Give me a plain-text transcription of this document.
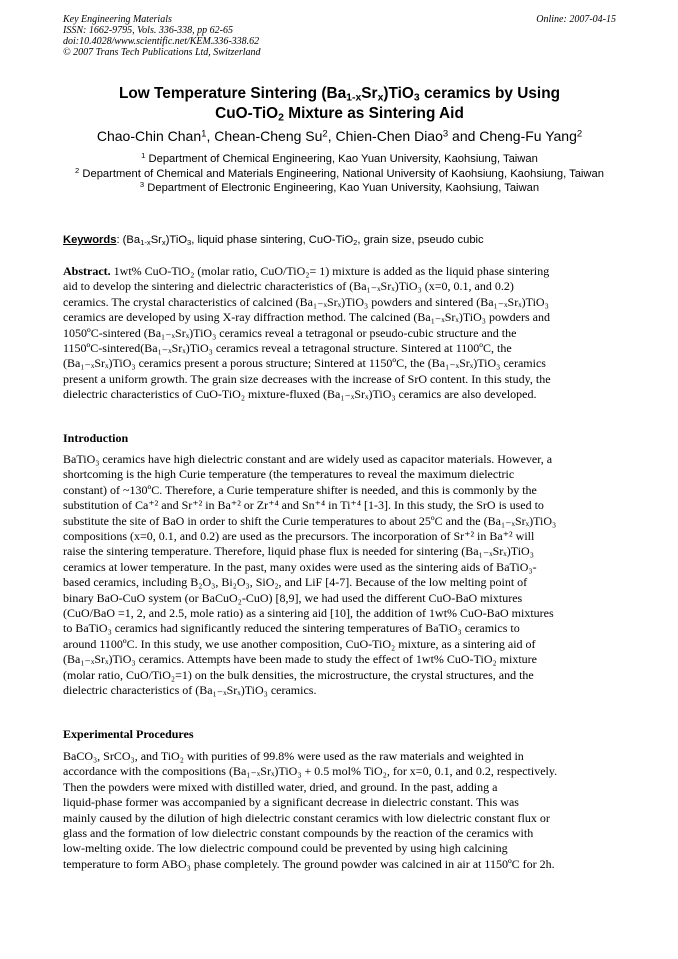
Key Engineering Materials
ISSN: 1662-9795, Vols. 336-338, pp 62-65
doi:10.4028/www.scientific.net/KEM.336-338.62
© 2007 Trans Tech Publications Ltd, Switzerland
Online: 2007-04-15
Low Temperature Sintering $(Ba_{1-x}Sr_x)TiO_3$ ceramics by Using
CuO-TiO$_2$ Mixture as Sintering Aid
Chao-Chin Chan$^1$, Chean-Cheng Su$^2$, Chien-Chen Diao$^3$ and Cheng-Fu Yang$^2$
$^1$ Department of Chemical Engineering, Kao Yuan University, Kaohsiung, Taiwan
$^2$ Department of Chemical and Materials Engineering, National University of Kaohsiung, Kaohsiung, Taiwan
$^3$ Department of Electronic Engineering, Kao Yuan University, Kaohsiung, Taiwan
Keywords: $(Ba_{1-x}Sr_x)TiO_3$, liquid phase sintering, CuO-TiO$_2$, grain size, pseudo cubic
Abstract. 1wt% CuO-TiO₂ (molar ratio, CuO/TiO₂= 1) mixture is added as the liquid phase sintering
aid to develop the sintering and dielectric characteristics of (Ba₁₋ₓSrₓ)TiO₃ (x=0, 0.1, and 0.2)
ceramics. The crystal characteristics of calcined (Ba₁₋ₓSrₓ)TiO₃ powders and sintered (Ba₁₋ₓSrₓ)TiO₃
ceramics are developed by using X-ray diffraction method. The calcined (Ba₁₋ₓSrₓ)TiO₃ powders and
1050ºC-sintered (Ba₁₋ₓSrₓ)TiO₃ ceramics reveal a tetragonal or pseudo-cubic structure and the
1150ºC-sintered(Ba₁₋ₓSrₓ)TiO₃ ceramics reveal a tetragonal structure. Sintered at 1100ºC, the
(Ba₁₋ₓSrₓ)TiO₃ ceramics present a porous structure; Sintered at 1150ºC, the (Ba₁₋ₓSrₓ)TiO₃ ceramics
present a uniform growth. The grain size decreases with the increase of SrO content. In this study, the
dielectric characteristics of CuO-TiO₂ mixture-fluxed (Ba₁₋ₓSrₓ)TiO₃ ceramics are also developed.
Introduction
BaTiO₃ ceramics have high dielectric constant and are widely used as capacitor materials. However, a
shortcoming is the high Curie temperature (the temperatures to reveal the maximum dielectric
constant) of ~130ºC. Therefore, a Curie temperature shifter is needed, and this is commonly by the
substitution of Ca⁺² and Sr⁺² in Ba⁺² or Zr⁺⁴ and Sn⁺⁴ in Ti⁺⁴ [1-3]. In this study, the SrO is used to
substitute the site of BaO in order to shift the Curie temperatures to about 25ºC and the (Ba₁₋ₓSrₓ)TiO₃
compositions (x=0, 0.1, and 0.2) are used as the precursors. The incorporation of Sr⁺² in Ba⁺² will
raise the sintering temperature. Therefore, liquid phase flux is needed for sintering (Ba₁₋ₓSrₓ)TiO₃
ceramics at lower temperature. In the past, many oxides were used as the sintering aids of BaTiO₃-
based ceramics, including B₂O₃, Bi₂O₃, SiO₂, and LiF [4-7]. Because of the low melting point of
binary BaO-CuO system (or BaCuO₂-CuO) [8,9], we had used the different CuO-BaO mixtures
(CuO/BaO =1, 2, and 2.5, mole ratio) as a sintering aid [10], the addition of 1wt% CuO-BaO mixtures
to BaTiO₃ ceramics had significantly reduced the sintering temperatures of BaTiO₃ ceramics to
around 1100ºC. In this study, we use another composition, CuO-TiO₂ mixture, as a sintering aid of
(Ba₁₋ₓSrₓ)TiO₃ ceramics. Attempts have been made to study the effect of 1wt% CuO-TiO₂ mixture
(molar ratio, CuO/TiO₂=1) on the bulk densities, the microstructure, the crystal structures, and the
dielectric characteristics of (Ba₁₋ₓSrₓ)TiO₃ ceramics.
Experimental Procedures
BaCO₃, SrCO₃, and TiO₂ with purities of 99.8% were used as the raw materials and weighted in
accordance with the compositions (Ba₁₋ₓSrₓ)TiO₃ + 0.5 mol% TiO₂, for x=0, 0.1, and 0.2, respectively.
Then the powders were mixed with distilled water, dried, and ground. In the past, adding a
liquid-phase former was accompanied by a significant decrease in dielectric constant. This was
mainly caused by the dilution of high dielectric constant ceramics with low dielectric constant flux or
glass and the formation of low dielectric constant compounds by the reaction of the ceramics with
low-melting oxide. The low dielectric compound could be prevented by using high calcining
temperature to form ABO₃ phase completely. The ground powder was calcined in air at 1150ºC for 2h.
